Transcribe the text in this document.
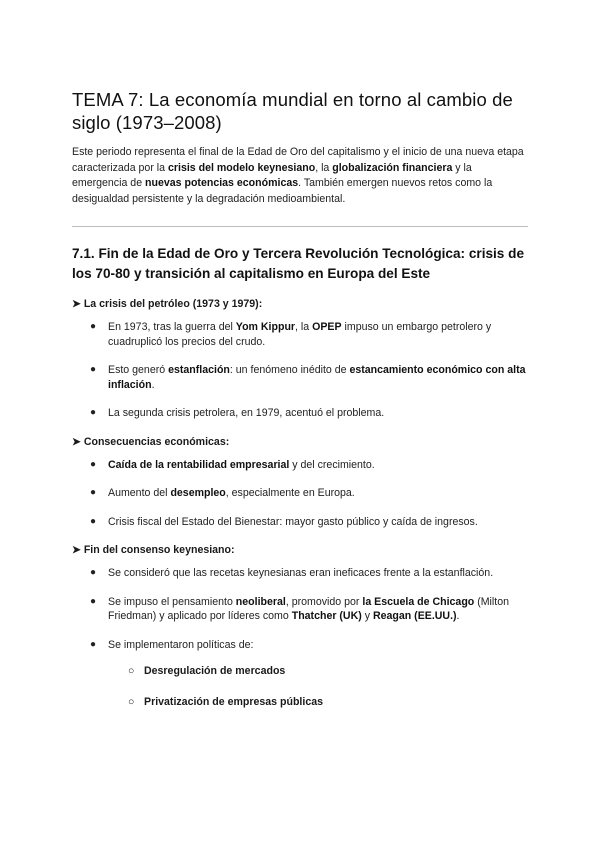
TEMA 7: La economía mundial en torno al cambio de siglo (1973–2008)

Este periodo representa el final de la Edad de Oro del capitalismo y el inicio de una nueva etapa caracterizada por la crisis del modelo keynesiano, la globalización financiera y la emergencia de nuevas potencias económicas. También emergen nuevos retos como la desigualdad persistente y la degradación medioambiental.

7.1. Fin de la Edad de Oro y Tercera Revolución Tecnológica: crisis de los 70-80 y transición al capitalismo en Europa del Este
➤ La crisis del petróleo (1973 y 1979):
● En 1973, tras la guerra del Yom Kippur, la OPEP impuso un embargo petrolero y cuadruplicó los precios del crudo.
● Esto generó estanflación: un fenómeno inédito de estancamiento económico con alta inflación.
● La segunda crisis petrolera, en 1979, acentuó el problema.
➤ Consecuencias económicas:
● Caída de la rentabilidad empresarial y del crecimiento.
● Aumento del desempleo, especialmente en Europa.
● Crisis fiscal del Estado del Bienestar: mayor gasto público y caída de ingresos.
➤ Fin del consenso keynesiano:
● Se consideró que las recetas keynesianas eran ineficaces frente a la estanflación.
● Se impuso el pensamiento neoliberal, promovido por la Escuela de Chicago (Milton Friedman) y aplicado por líderes como Thatcher (UK) y Reagan (EE.UU.).
● Se implementaron políticas de:
○ Desregulación de mercados
○ Privatización de empresas públicas
